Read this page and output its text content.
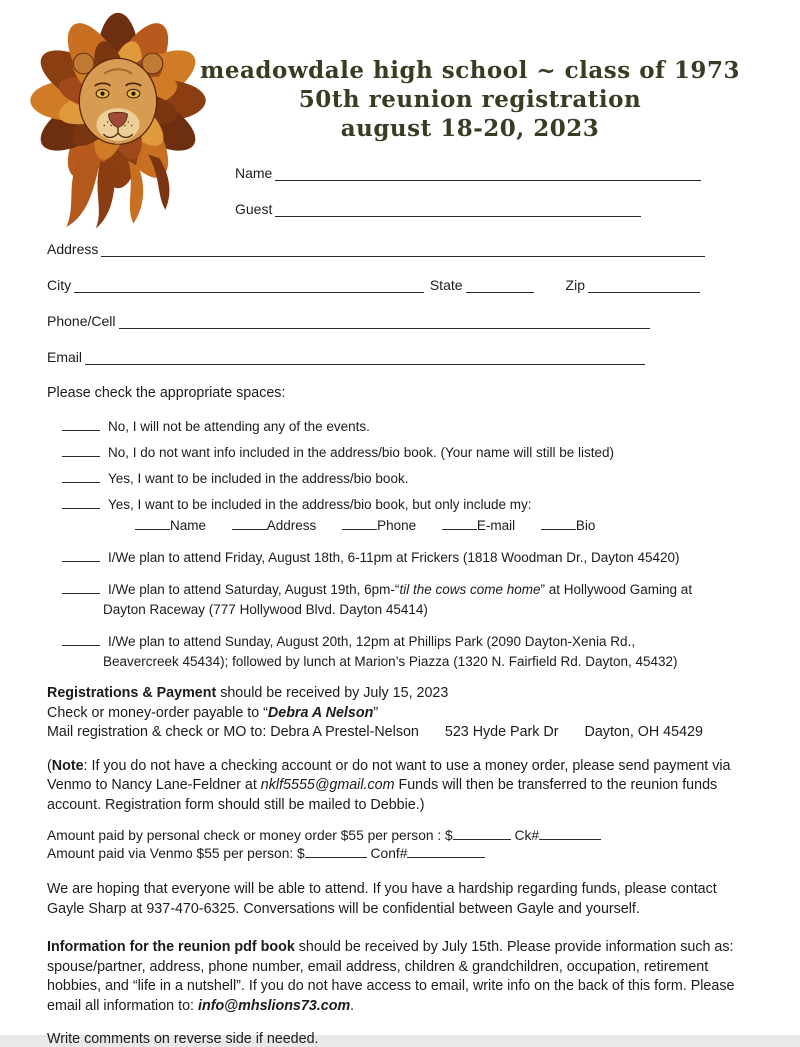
meadowdale high school ~ class of 1973
50th reunion registration
august 18-20, 2023
Name
Guest
Address
City	State	Zip
Phone/Cell
Email
Please check the appropriate spaces:
No, I will not be attending any of the events.
No, I do not want info included in the address/bio book. (Your name will still be listed)
Yes, I want to be included in the address/bio book.
Yes, I want to be included in the address/bio book, but only include my:
Name	Address	Phone	E-mail	Bio
I/We plan to attend Friday, August 18th, 6-11pm at Frickers (1818 Woodman Dr., Dayton 45420)
I/We plan to attend Saturday, August 19th, 6pm-“til the cows come home” at Hollywood Gaming at
Dayton Raceway (777 Hollywood Blvd. Dayton 45414)
I/We plan to attend Sunday, August 20th, 12pm at Phillips Park (2090 Dayton-Xenia Rd.,
Beavercreek 45434); followed by lunch at Marion’s Piazza (1320 N. Fairfield Rd. Dayton, 45432)
Registrations & Payment should be received by July 15, 2023
Check or money-order payable to “Debra A Nelson”
Mail registration & check or MO to: Debra A Prestel-Nelson 523 Hyde Park Dr Dayton, OH 45429
(Note: If you do not have a checking account or do not want to use a money order, please send payment via Venmo to Nancy Lane-Feldner at nklf5555@gmail.com Funds will then be transferred to the reunion funds account. Registration form should still be mailed to Debbie.)
Amount paid by personal check or money order $55 per person : $	Ck#
Amount paid via Venmo $55 per person: $	Conf#
We are hoping that everyone will be able to attend. If you have a hardship regarding funds, please contact Gayle Sharp at 937-470-6325. Conversations will be confidential between Gayle and yourself.
Information for the reunion pdf book should be received by July 15th. Please provide information such as: spouse/partner, address, phone number, email address, children & grandchildren, occupation, retirement hobbies, and “life in a nutshell”. If you do not have access to email, write info on the back of this form. Please email all information to: info@mhslions73.com.
Write comments on reverse side if needed.
